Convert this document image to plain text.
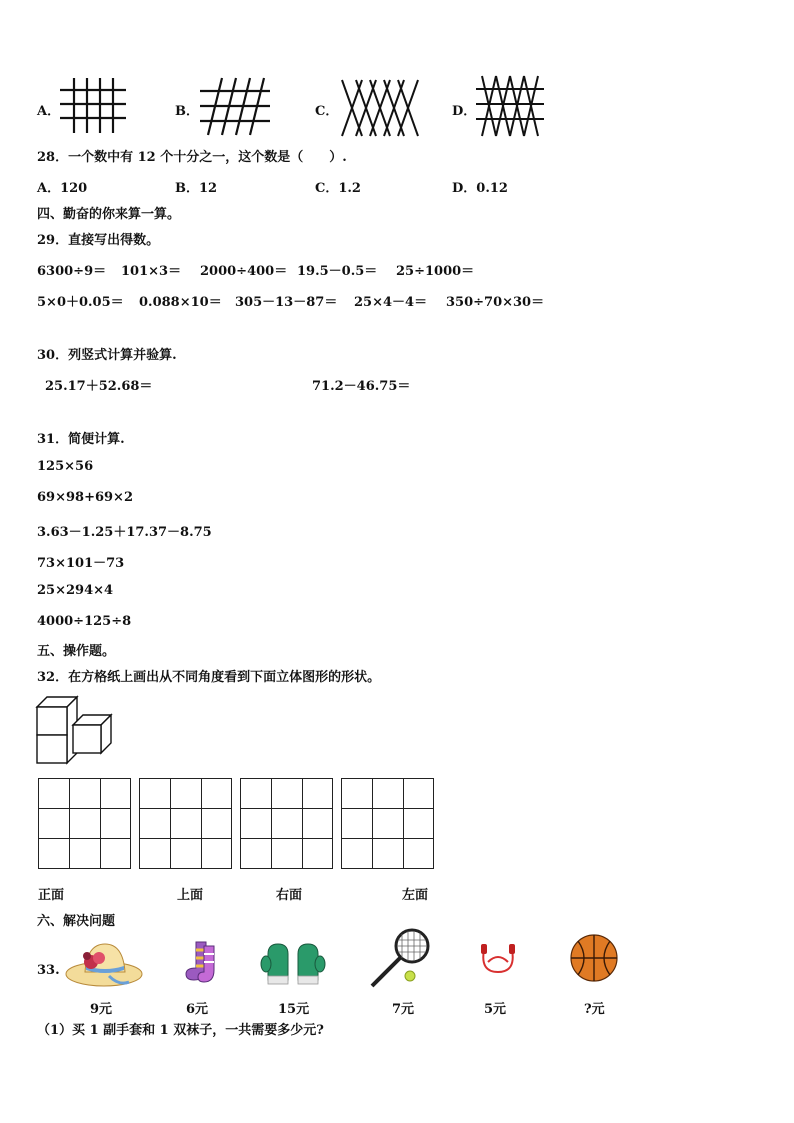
A．	B．	C．	D．
28．一个数中有 12 个十分之一，这个数是（　　）.
A．120	B．12	C．1.2	D．0.12
四、勤奋的你来算一算。
29．直接写出得数。
6300÷9＝ 101×3＝ 2000÷400＝ 19.5－0.5＝ 25÷1000＝
5×0＋0.05＝ 0.088×10＝ 305－13－87＝ 25×4－4＝ 350÷70×30＝
30．列竖式计算并验算.
25.17＋52.68＝	71.2－46.75＝
31．简便计算.
125×56
69×98+69×2
3.63－1.25＋17.37－8.75
73×101－73
25×294×4
4000÷125÷8
五、操作题。
32．在方格纸上画出从不同角度看到下面立体图形的形状。
正面	上面	右面	左面
六、解决问题
33.
9元	6元	15元	7元	5元	?元
（1）买 1 副手套和 1 双袜子，一共需要多少元?
